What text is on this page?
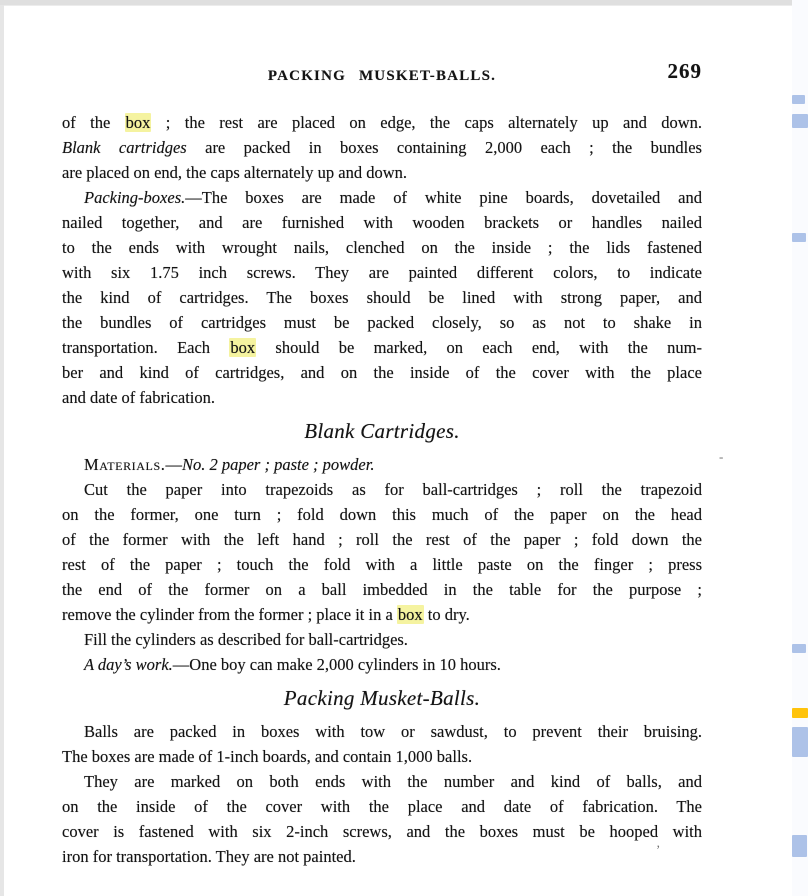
PACKING MUSKET-BALLS.	269
of the box ; the rest are placed on edge, the caps alternately up and down.
Blank cartridges are packed in boxes containing 2,000 each ; the bundles
are placed on end, the caps alternately up and down.
Packing-boxes.—The boxes are made of white pine boards, dovetailed and
nailed together, and are furnished with wooden brackets or handles nailed
to the ends with wrought nails, clenched on the inside ; the lids fastened
with six 1.75 inch screws. They are painted different colors, to indicate
the kind of cartridges. The boxes should be lined with strong paper, and
the bundles of cartridges must be packed closely, so as not to shake in
transportation. Each box should be marked, on each end, with the num-
ber and kind of cartridges, and on the inside of the cover with the place
and date of fabrication.
Blank Cartridges.
Materials.—No. 2 paper ; paste ; powder.
Cut the paper into trapezoids as for ball-cartridges ; roll the trapezoid
on the former, one turn ; fold down this much of the paper on the head
of the former with the left hand ; roll the rest of the paper ; fold down the
rest of the paper ; touch the fold with a little paste on the finger ; press
the end of the former on a ball imbedded in the table for the purpose ;
remove the cylinder from the former ; place it in a box to dry.
Fill the cylinders as described for ball-cartridges.
A day’s work.—One boy can make 2,000 cylinders in 10 hours.
Packing Musket-Balls.
Balls are packed in boxes with tow or sawdust, to prevent their bruising.
The boxes are made of 1-inch boards, and contain 1,000 balls.
They are marked on both ends with the number and kind of balls, and
on the inside of the cover with the place and date of fabrication. The
cover is fastened with six 2-inch screws, and the boxes must be hooped with
iron for transportation. They are not painted.
-
ʼ
